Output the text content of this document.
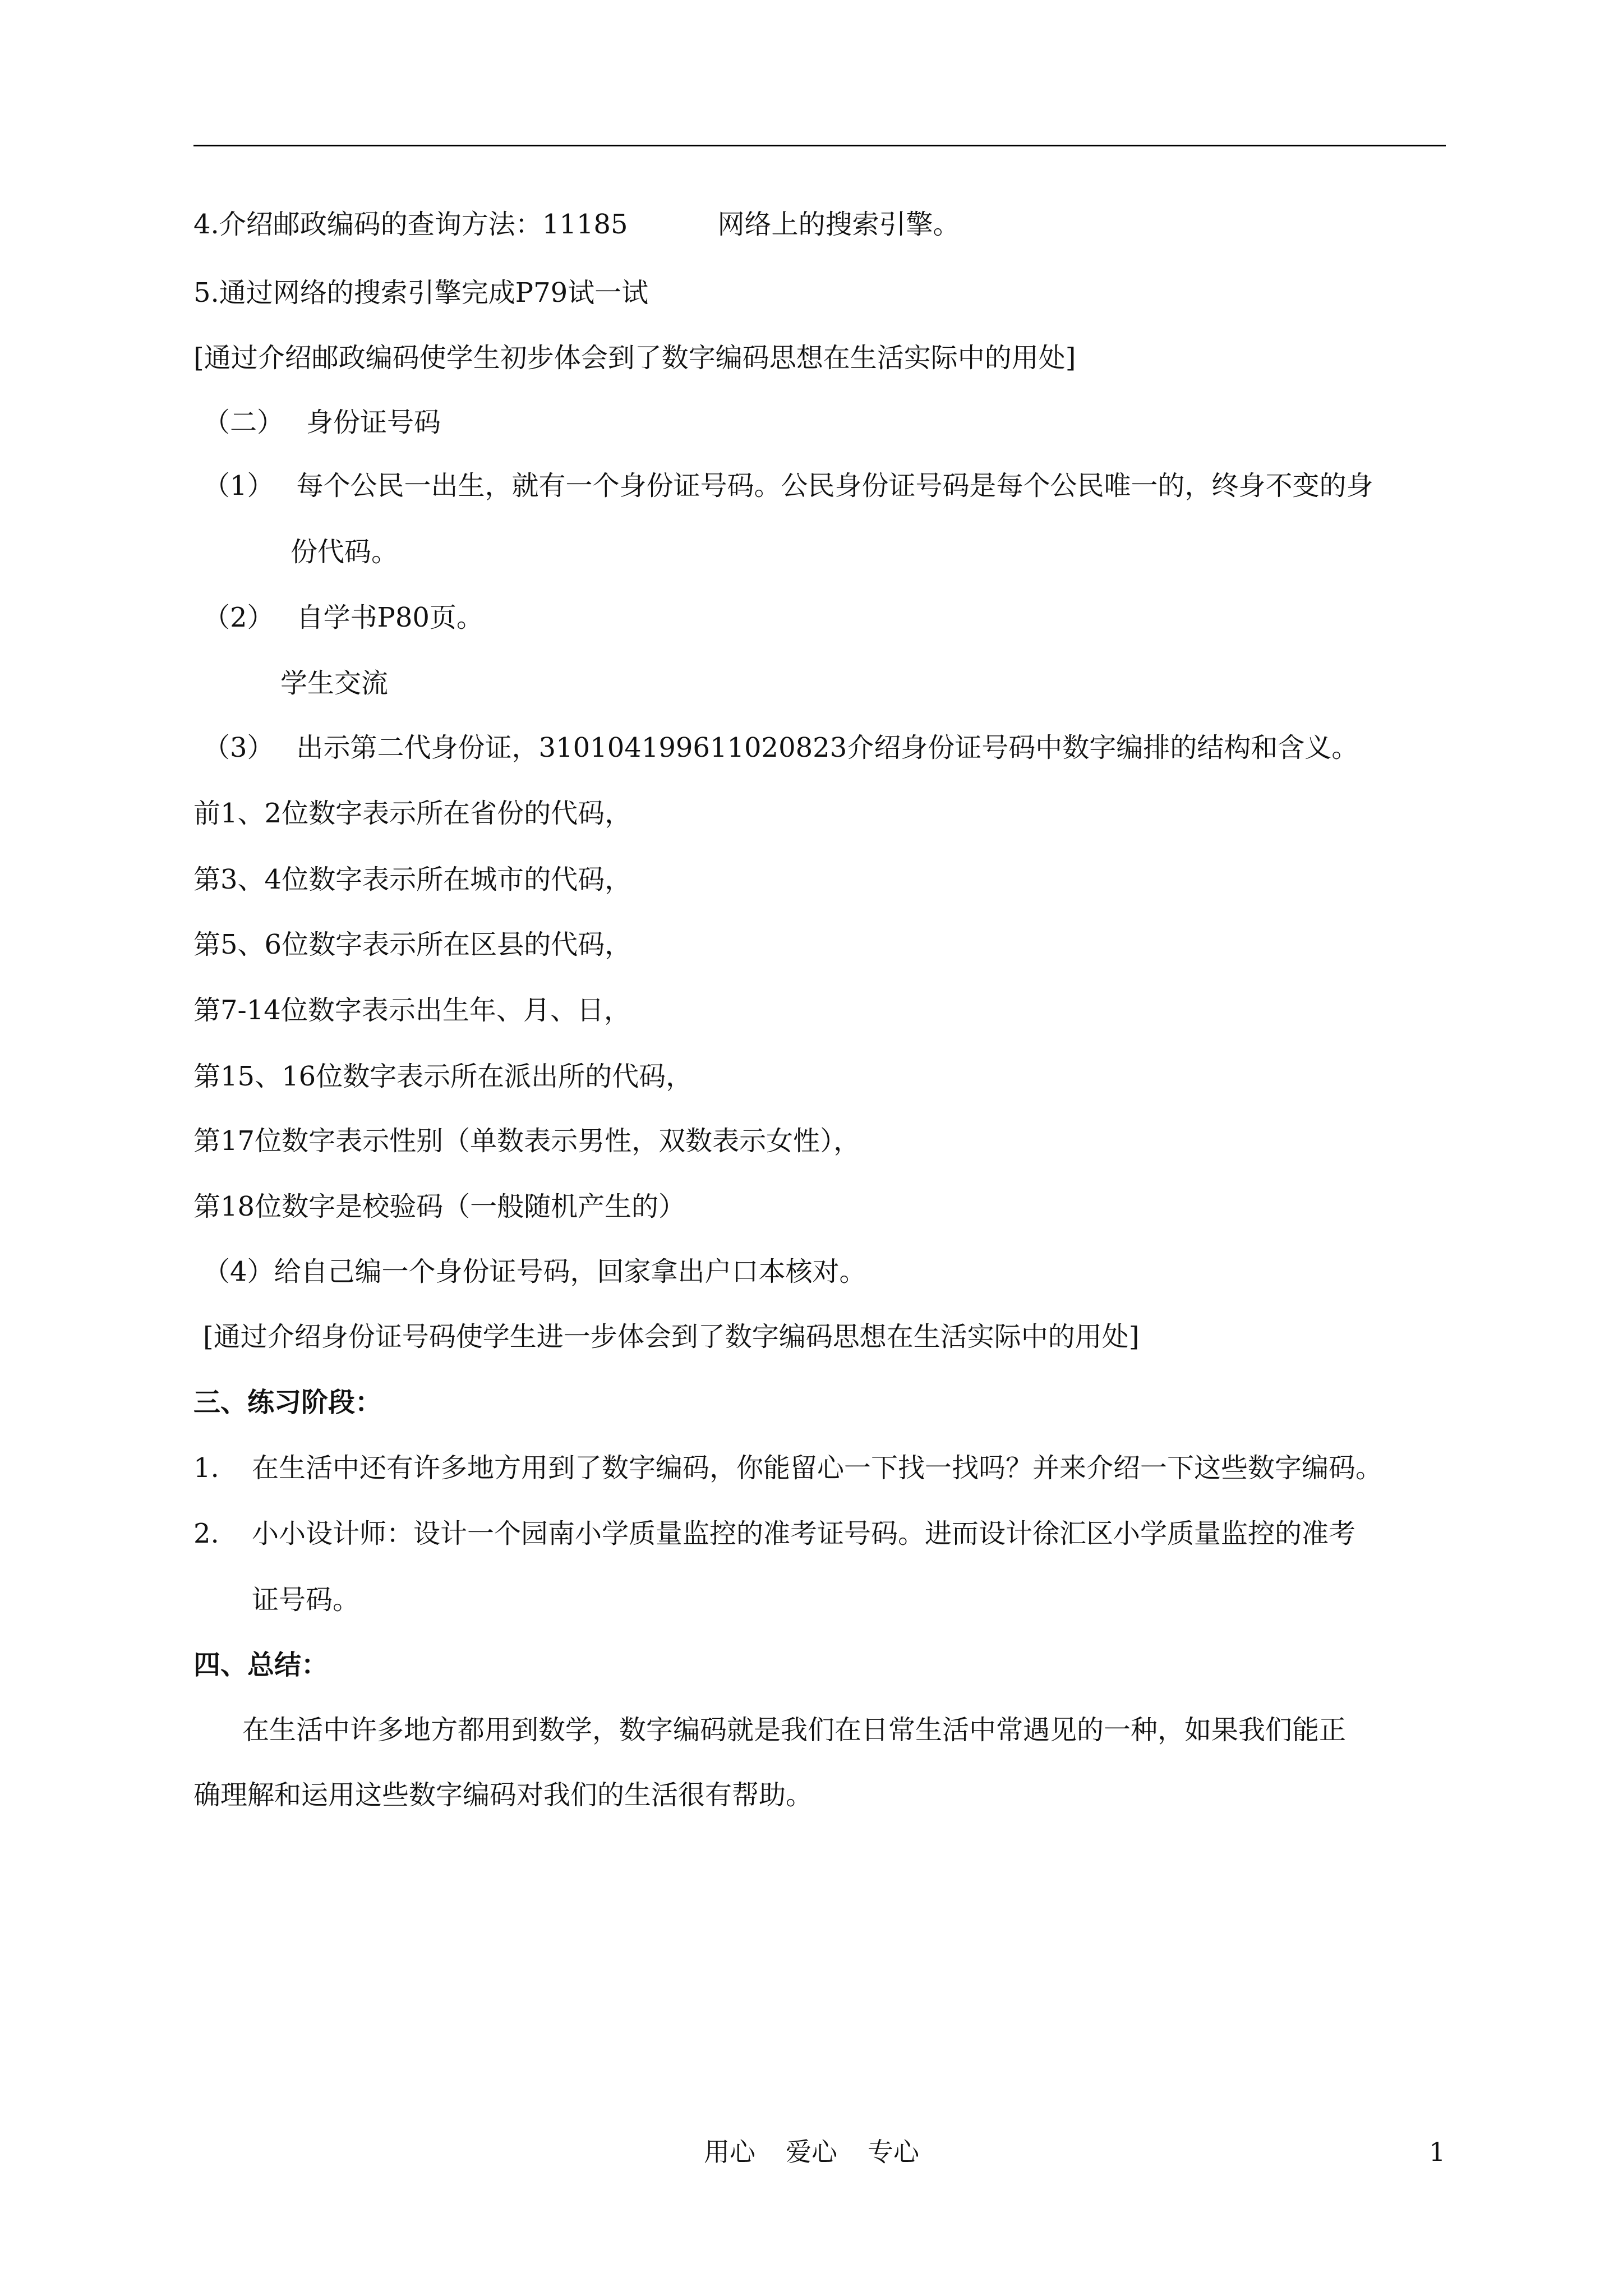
4.介绍邮政编码的查询方法：11185	网络上的搜索引擎。

5.通过网络的搜索引擎完成P79试一试

[通过介绍邮政编码使学生初步体会到了数字编码思想在生活实际中的用处]

（二） 身份证号码

（1） 每个公民一出生，就有一个身份证号码。公民身份证号码是每个公民唯一的，终身不变的身

份代码。

（2） 自学书P80页。

学生交流

（3） 出示第二代身份证，310104199611020823介绍身份证号码中数字编排的结构和含义。

前1、2位数字表示所在省份的代码，

第3、4位数字表示所在城市的代码，

第5、6位数字表示所在区县的代码，

第7-14位数字表示出生年、月、日，

第15、16位数字表示所在派出所的代码，

第17位数字表示性别（单数表示男性，双数表示女性），

第18位数字是校验码（一般随机产生的）

（4）给自己编一个身份证号码，回家拿出户口本核对。

[通过介绍身份证号码使学生进一步体会到了数字编码思想在生活实际中的用处]

三、练习阶段：

1. 在生活中还有许多地方用到了数字编码，你能留心一下找一找吗？并来介绍一下这些数字编码。

2. 小小设计师：设计一个园南小学质量监控的准考证号码。进而设计徐汇区小学质量监控的准考

证号码。

四、总结：

在生活中许多地方都用到数学，数字编码就是我们在日常生活中常遇见的一种，如果我们能正

确理解和运用这些数字编码对我们的生活很有帮助。

用心 爱心 专心	1
